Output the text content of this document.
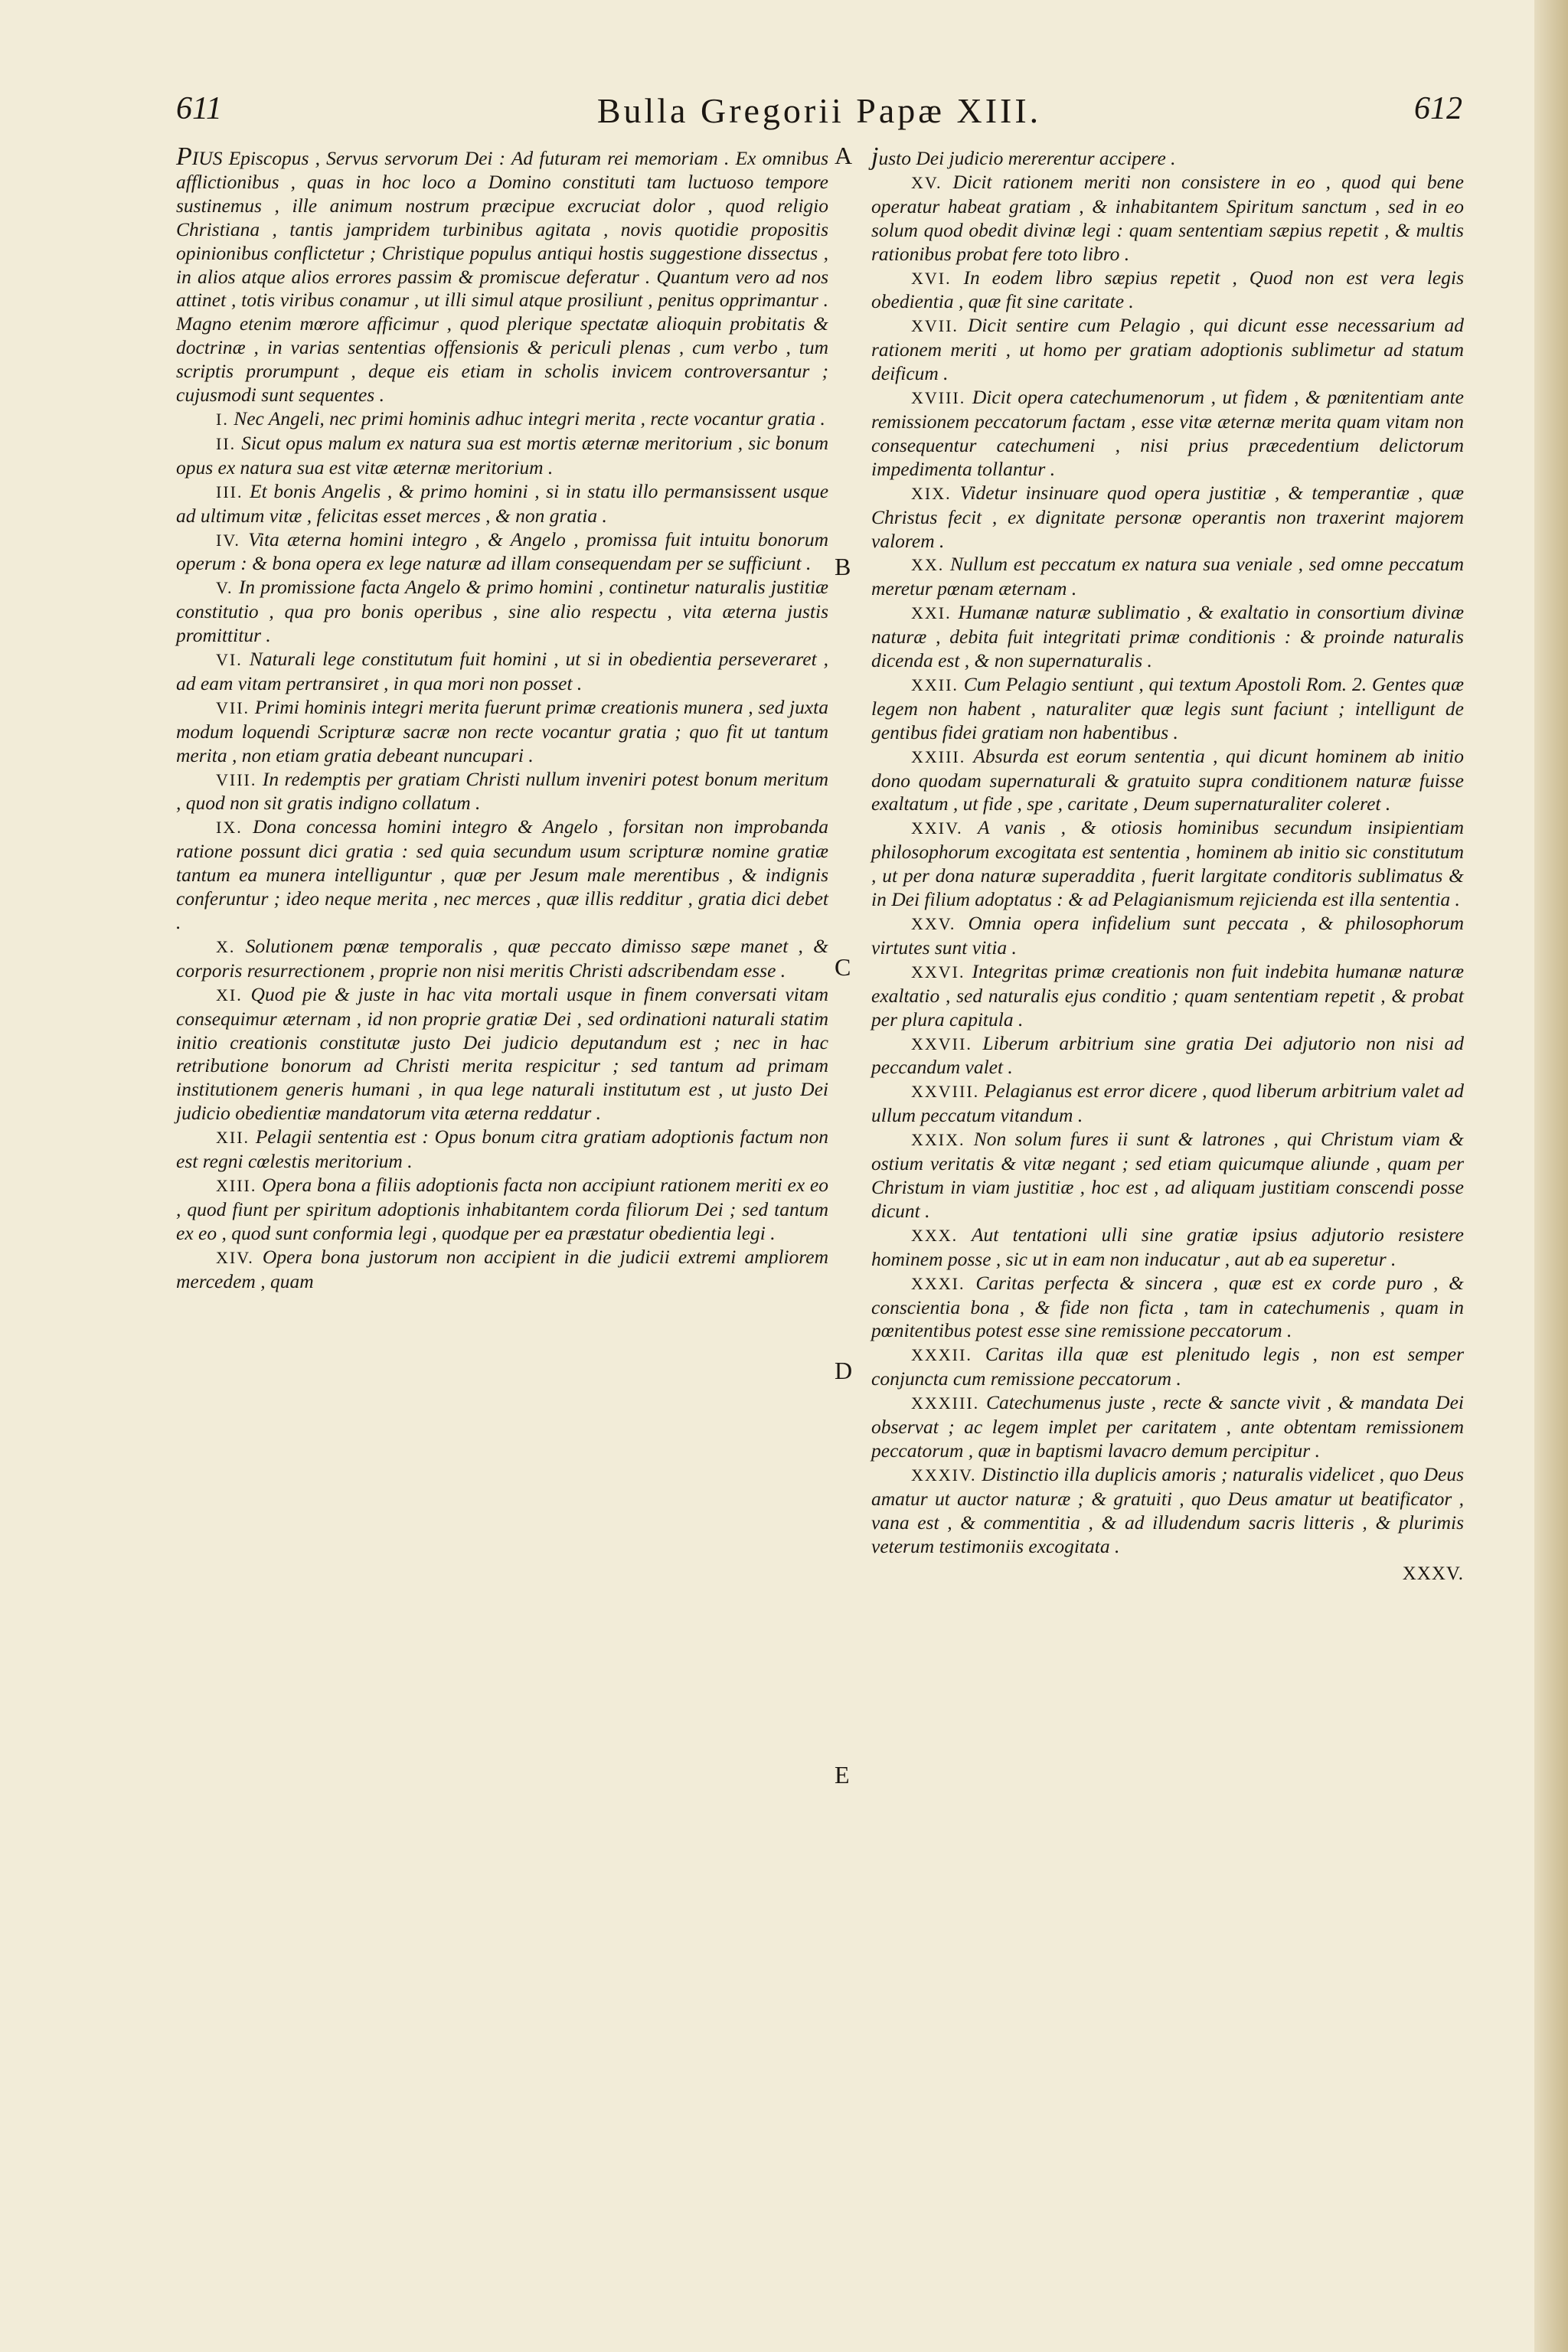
611	Bulla Gregorii Papæ XIII.	612

PIUS Episcopus , Servus servorum Dei : Ad futuram rei memoriam . Ex omnibus afflictionibus , quas in hoc loco a Domino constituti tam luctuoso tempore sustinemus , ille animum nostrum præcipue excruciat dolor , quod religio Christiana , tantis jampridem turbinibus agitata , novis quotidie propositis opinionibus conflictetur ; Christique populus antiqui hostis suggestione dissectus , in alios atque alios errores passim & promiscue deferatur . Quantum vero ad nos attinet , totis viribus conamur , ut illi simul atque prosiliunt , penitus opprimantur . Magno etenim mœrore afficimur , quod plerique spectatæ alioquin probitatis & doctrinæ , in varias sententias offensionis & periculi plenas , cum verbo , tum scriptis prorumpunt , deque eis etiam in scholis invicem controversantur ; cujusmodi sunt sequentes .

I. Nec Angeli, nec primi hominis adhuc integri merita , recte vocantur gratia .

II. Sicut opus malum ex natura sua est mortis æternæ meritorium , sic bonum opus ex natura sua est vitæ æternæ meritorium .

III. Et bonis Angelis , & primo homini , si in statu illo permansissent usque ad ultimum vitæ , felicitas esset merces , & non gratia .

IV. Vita æterna homini integro , & Angelo , promissa fuit intuitu bonorum operum : & bona opera ex lege naturæ ad illam consequendam per se sufficiunt .

V. In promissione facta Angelo & primo homini , continetur naturalis justitiæ constitutio , qua pro bonis operibus , sine alio respectu , vita æterna justis promittitur .

VI. Naturali lege constitutum fuit homini , ut si in obedientia perseveraret , ad eam vitam pertransiret , in qua mori non posset .

VII. Primi hominis integri merita fuerunt primæ creationis munera , sed juxta modum loquendi Scripturæ sacræ non recte vocantur gratia ; quo fit ut tantum merita , non etiam gratia debeant nuncupari .

VIII. In redemptis per gratiam Christi nullum inveniri potest bonum meritum , quod non sit gratis indigno collatum .

IX. Dona concessa homini integro & Angelo , forsitan non improbanda ratione possunt dici gratia : sed quia secundum usum scripturæ nomine gratiæ tantum ea munera intelliguntur , quæ per Jesum male merentibus , & indignis conferuntur ; ideo neque merita , nec merces , quæ illis redditur , gratia dici debet .

X. Solutionem pœnæ temporalis , quæ peccato dimisso sæpe manet , & corporis resurrectionem , proprie non nisi meritis Christi adscribendam esse .

XI. Quod pie & juste in hac vita mortali usque in finem conversati vitam consequimur æternam , id non proprie gratiæ Dei , sed ordinationi naturali statim initio creationis constitutæ justo Dei judicio deputandum est ; nec in hac retributione bonorum ad Christi merita respicitur ; sed tantum ad primam institutionem generis humani , in qua lege naturali institutum est , ut justo Dei judicio obedientiæ mandatorum vita æterna reddatur .

XII. Pelagii sententia est : Opus bonum citra gratiam adoptionis factum non est regni cœlestis meritorium .

XIII. Opera bona a filiis adoptionis facta non accipiunt rationem meriti ex eo , quod fiunt per spiritum adoptionis inhabitantem corda filiorum Dei ; sed tantum ex eo , quod sunt conformia legi , quodque per ea præstatur obedientia legi .

XIV. Opera bona justorum non accipient in die judicii extremi ampliorem mercedem , quam

justo Dei judicio mererentur accipere .

XV. Dicit rationem meriti non consistere in eo , quod qui bene operatur habeat gratiam , & inhabitantem Spiritum sanctum , sed in eo solum quod obedit divinæ legi : quam sententiam sæpius repetit , & multis rationibus probat fere toto libro .

XVI. In eodem libro sæpius repetit , Quod non est vera legis obedientia , quæ fit sine caritate .

XVII. Dicit sentire cum Pelagio , qui dicunt esse necessarium ad rationem meriti , ut homo per gratiam adoptionis sublimetur ad statum deificum .

XVIII. Dicit opera catechumenorum , ut fidem , & pœnitentiam ante remissionem peccatorum factam , esse vitæ æternæ merita quam vitam non consequentur catechumeni , nisi prius præcedentium delictorum impedimenta tollantur .

XIX. Videtur insinuare quod opera justitiæ , & temperantiæ , quæ Christus fecit , ex dignitate personæ operantis non traxerint majorem valorem .

XX. Nullum est peccatum ex natura sua veniale , sed omne peccatum meretur pœnam æternam .

XXI. Humanæ naturæ sublimatio , & exaltatio in consortium divinæ naturæ , debita fuit integritati primæ conditionis : & proinde naturalis dicenda est , & non supernaturalis .

XXII. Cum Pelagio sentiunt , qui textum Apostoli Rom. 2. Gentes quæ legem non habent , naturaliter quæ legis sunt faciunt ; intelligunt de gentibus fidei gratiam non habentibus .

XXIII. Absurda est eorum sententia , qui dicunt hominem ab initio dono quodam supernaturali & gratuito supra conditionem naturæ fuisse exaltatum , ut fide , spe , caritate , Deum supernaturaliter coleret .

XXIV. A vanis , & otiosis hominibus secundum insipientiam philosophorum excogitata est sententia , hominem ab initio sic constitutum , ut per dona naturæ superaddita , fuerit largitate conditoris sublimatus & in Dei filium adoptatus : & ad Pelagianismum rejicienda est illa sententia .

XXV. Omnia opera infidelium sunt peccata , & philosophorum virtutes sunt vitia .

XXVI. Integritas primæ creationis non fuit indebita humanæ naturæ exaltatio , sed naturalis ejus conditio ; quam sententiam repetit , & probat per plura capitula .

XXVII. Liberum arbitrium sine gratia Dei adjutorio non nisi ad peccandum valet .

XXVIII. Pelagianus est error dicere , quod liberum arbitrium valet ad ullum peccatum vitandum .

XXIX. Non solum fures ii sunt & latrones , qui Christum viam & ostium veritatis & vitæ negant ; sed etiam quicumque aliunde , quam per Christum in viam justitiæ , hoc est , ad aliquam justitiam conscendi posse dicunt .

XXX. Aut tentationi ulli sine gratiæ ipsius adjutorio resistere hominem posse , sic ut in eam non inducatur , aut ab ea superetur .

XXXI. Caritas perfecta & sincera , quæ est ex corde puro , & conscientia bona , & fide non ficta , tam in catechumenis , quam in pœnitentibus potest esse sine remissione peccatorum .

XXXII. Caritas illa quæ est plenitudo legis , non est semper conjuncta cum remissione peccatorum .

XXXIII. Catechumenus juste , recte & sancte vivit , & mandata Dei observat ; ac legem implet per caritatem , ante obtentam remissionem peccatorum , quæ in baptismi lavacro demum percipitur .

XXXIV. Distinctio illa duplicis amoris ; naturalis videlicet , quo Deus amatur ut auctor naturæ ; & gratuiti , quo Deus amatur ut beatificator , vana est , & commentitia , & ad illudendum sacris litteris , & plurimis veterum testimoniis excogitata .

XXXV.

A
B
C
D
E
